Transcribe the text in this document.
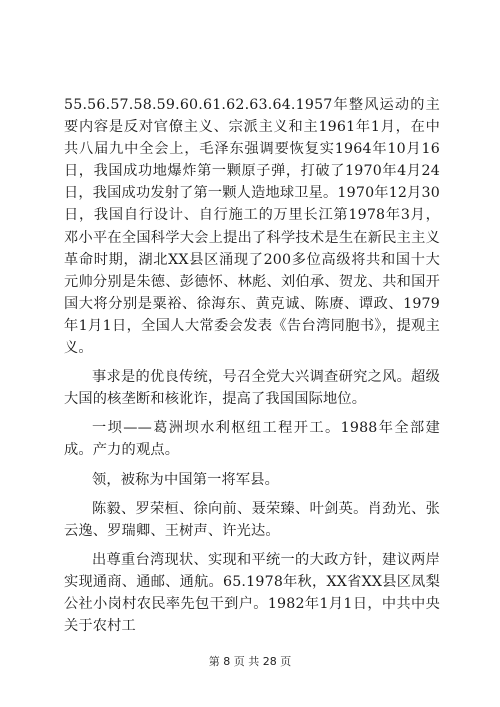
55.56.57.58.59.60.61.62.63.64.1957年整风运动的主要内容是反对官僚主义、宗派主义和主1961年1月，在中共八届九中全会上，毛泽东强调要恢复实1964年10月16日，我国成功地爆炸第一颗原子弹，打破了1970年4月24日，我国成功发射了第一颗人造地球卫星。1970年12月30日，我国自行设计、自行施工的万里长江第1978年3月，邓小平在全国科学大会上提出了科学技术是生在新民主主义革命时期，湖北XX县区涌现了200多位高级将共和国十大元帅分别是朱德、彭德怀、林彪、刘伯承、贺龙、共和国开国大将分别是粟裕、徐海东、黄克诚、陈赓、谭政、1979年1月1日，全国人大常委会发表《告台湾同胞书》，提观主义。

事求是的优良传统，号召全党大兴调查研究之风。超级大国的核垄断和核讹诈，提高了我国国际地位。

一坝——葛洲坝水利枢纽工程开工。1988年全部建成。产力的观点。

领，被称为中国第一将军县。

陈毅、罗荣桓、徐向前、聂荣臻、叶剑英。肖劲光、张云逸、罗瑞卿、王树声、许光达。

出尊重台湾现状、实现和平统一的大政方针，建议两岸实现通商、通邮、通航。65.1978年秋，XX省XX县区凤梨公社小岗村农民率先包干到户。1982年1月1日，中共中央关于农村工

第 8 页 共 28 页
